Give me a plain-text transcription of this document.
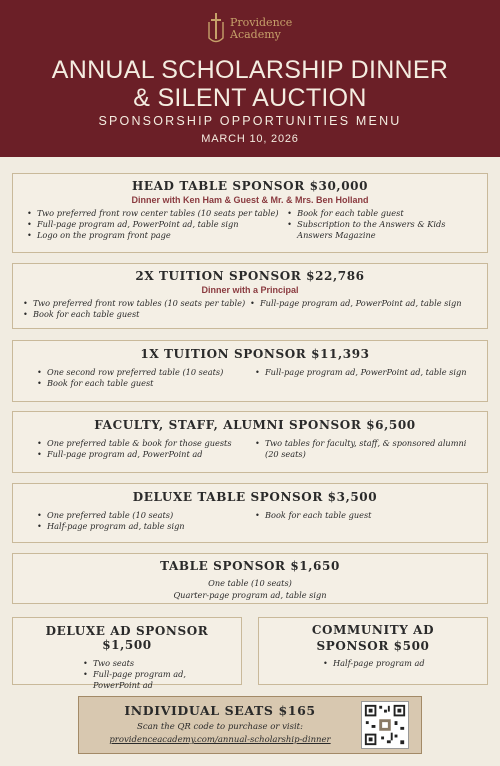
Providence
Academy
ANNUAL SCHOLARSHIP DINNER
& SILENT AUCTION
SPONSORSHIP OPPORTUNITIES MENU
MARCH 10, 2026
HEAD TABLE SPONSOR $30,000
Dinner with Ken Ham & Guest & Mr. & Mrs. Ben Holland
• Two preferred front row center tables (10 seats per table)
• Full-page program ad, PowerPoint ad, table sign
• Logo on the program front page
• Book for each table guest
• Subscription to the Answers & Kids Answers Magazine
2X TUITION SPONSOR $22,786
Dinner with a Principal
• Two preferred front row tables (10 seats per table)
• Book for each table guest
• Full-page program ad, PowerPoint ad, table sign
1X TUITION SPONSOR $11,393
• One second row preferred table (10 seats)
• Book for each table guest
• Full-page program ad, PowerPoint ad, table sign
FACULTY, STAFF, ALUMNI SPONSOR $6,500
• One preferred table & book for those guests
• Full-page program ad, PowerPoint ad
• Two tables for faculty, staff, & sponsored alumni (20 seats)
DELUXE TABLE SPONSOR $3,500
• One preferred table (10 seats)
• Half-page program ad, table sign
• Book for each table guest
TABLE SPONSOR $1,650
One table (10 seats)
Quarter-page program ad, table sign
DELUXE AD SPONSOR $1,500
• Two seats
• Full-page program ad, PowerPoint ad
COMMUNITY AD
SPONSOR $500
• Half-page program ad
INDIVIDUAL SEATS $165
Scan the QR code to purchase or visit:
providenceacademy.com/annual-scholarship-dinner
